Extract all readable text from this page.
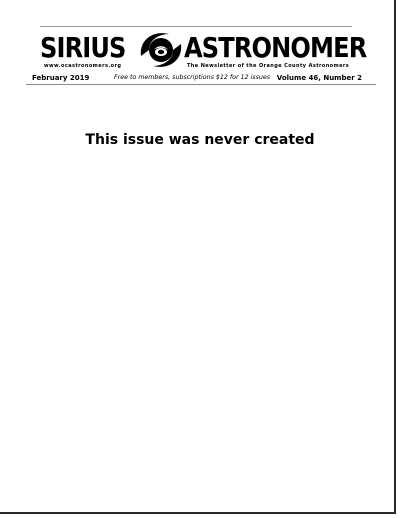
SIRIUS ASTRONOMER
www.ocastronomers.org	The Newsletter of the Orange County Astronomers
February 2019	Free to members, subscriptions $12 for 12 issues Volume 46, Number 2
This issue was never created
